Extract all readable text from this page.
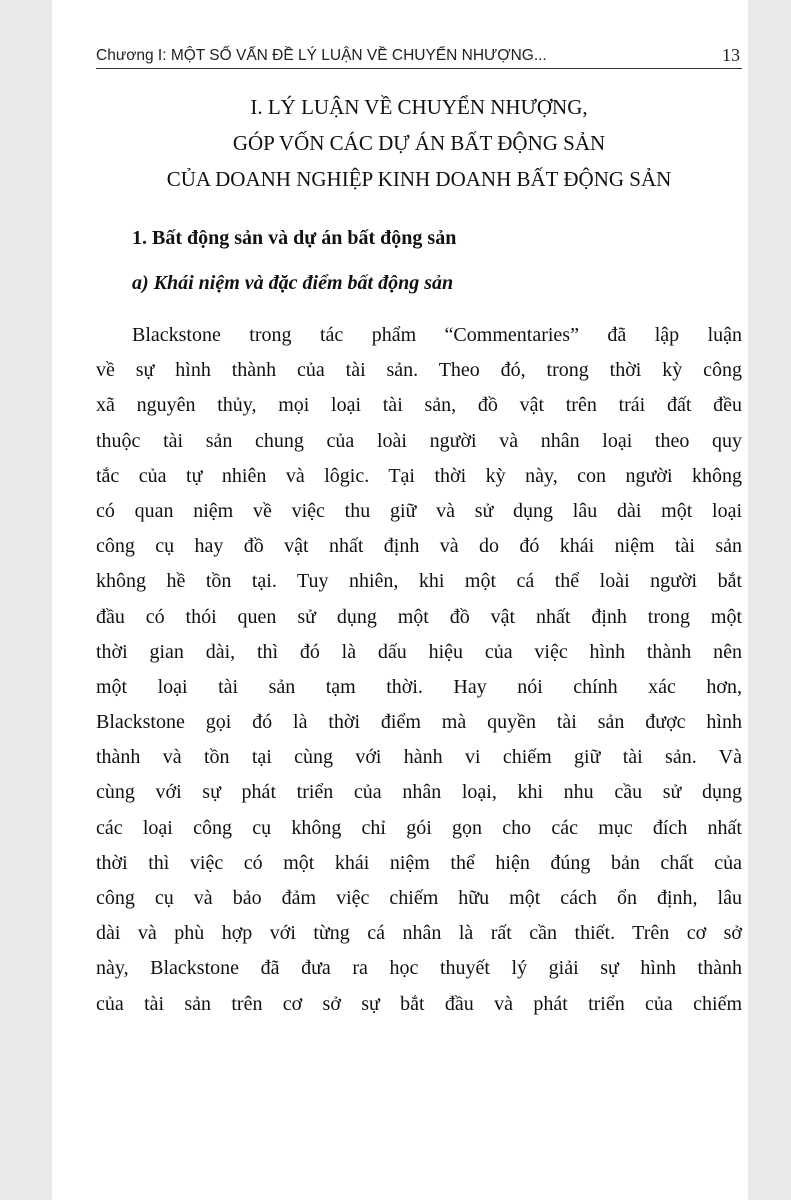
Chương I: MỘT SỐ VẤN ĐỀ LÝ LUẬN VỀ CHUYỂN NHƯỢNG...	13
I. LÝ LUẬN VỀ CHUYỂN NHƯỢNG,
GÓP VỐN CÁC DỰ ÁN BẤT ĐỘNG SẢN
CỦA DOANH NGHIỆP KINH DOANH BẤT ĐỘNG SẢN
1. Bất động sản và dự án bất động sản
a) Khái niệm và đặc điểm bất động sản
Blackstone trong tác phẩm “Commentaries” đã lập luận
về sự hình thành của tài sản. Theo đó, trong thời kỳ công
xã nguyên thủy, mọi loại tài sản, đồ vật trên trái đất đều
thuộc tài sản chung của loài người và nhân loại theo quy
tắc của tự nhiên và lôgic. Tại thời kỳ này, con người không
có quan niệm về việc thu giữ và sử dụng lâu dài một loại
công cụ hay đồ vật nhất định và do đó khái niệm tài sản
không hề tồn tại. Tuy nhiên, khi một cá thể loài người bắt
đầu có thói quen sử dụng một đồ vật nhất định trong một
thời gian dài, thì đó là dấu hiệu của việc hình thành nên
một loại tài sản tạm thời. Hay nói chính xác hơn,
Blackstone gọi đó là thời điểm mà quyền tài sản được hình
thành và tồn tại cùng với hành vi chiếm giữ tài sản. Và
cùng với sự phát triển của nhân loại, khi nhu cầu sử dụng
các loại công cụ không chỉ gói gọn cho các mục đích nhất
thời thì việc có một khái niệm thể hiện đúng bản chất của
công cụ và bảo đảm việc chiếm hữu một cách ổn định, lâu
dài và phù hợp với từng cá nhân là rất cần thiết. Trên cơ sở
này, Blackstone đã đưa ra học thuyết lý giải sự hình thành
của tài sản trên cơ sở sự bắt đầu và phát triển của chiếm
